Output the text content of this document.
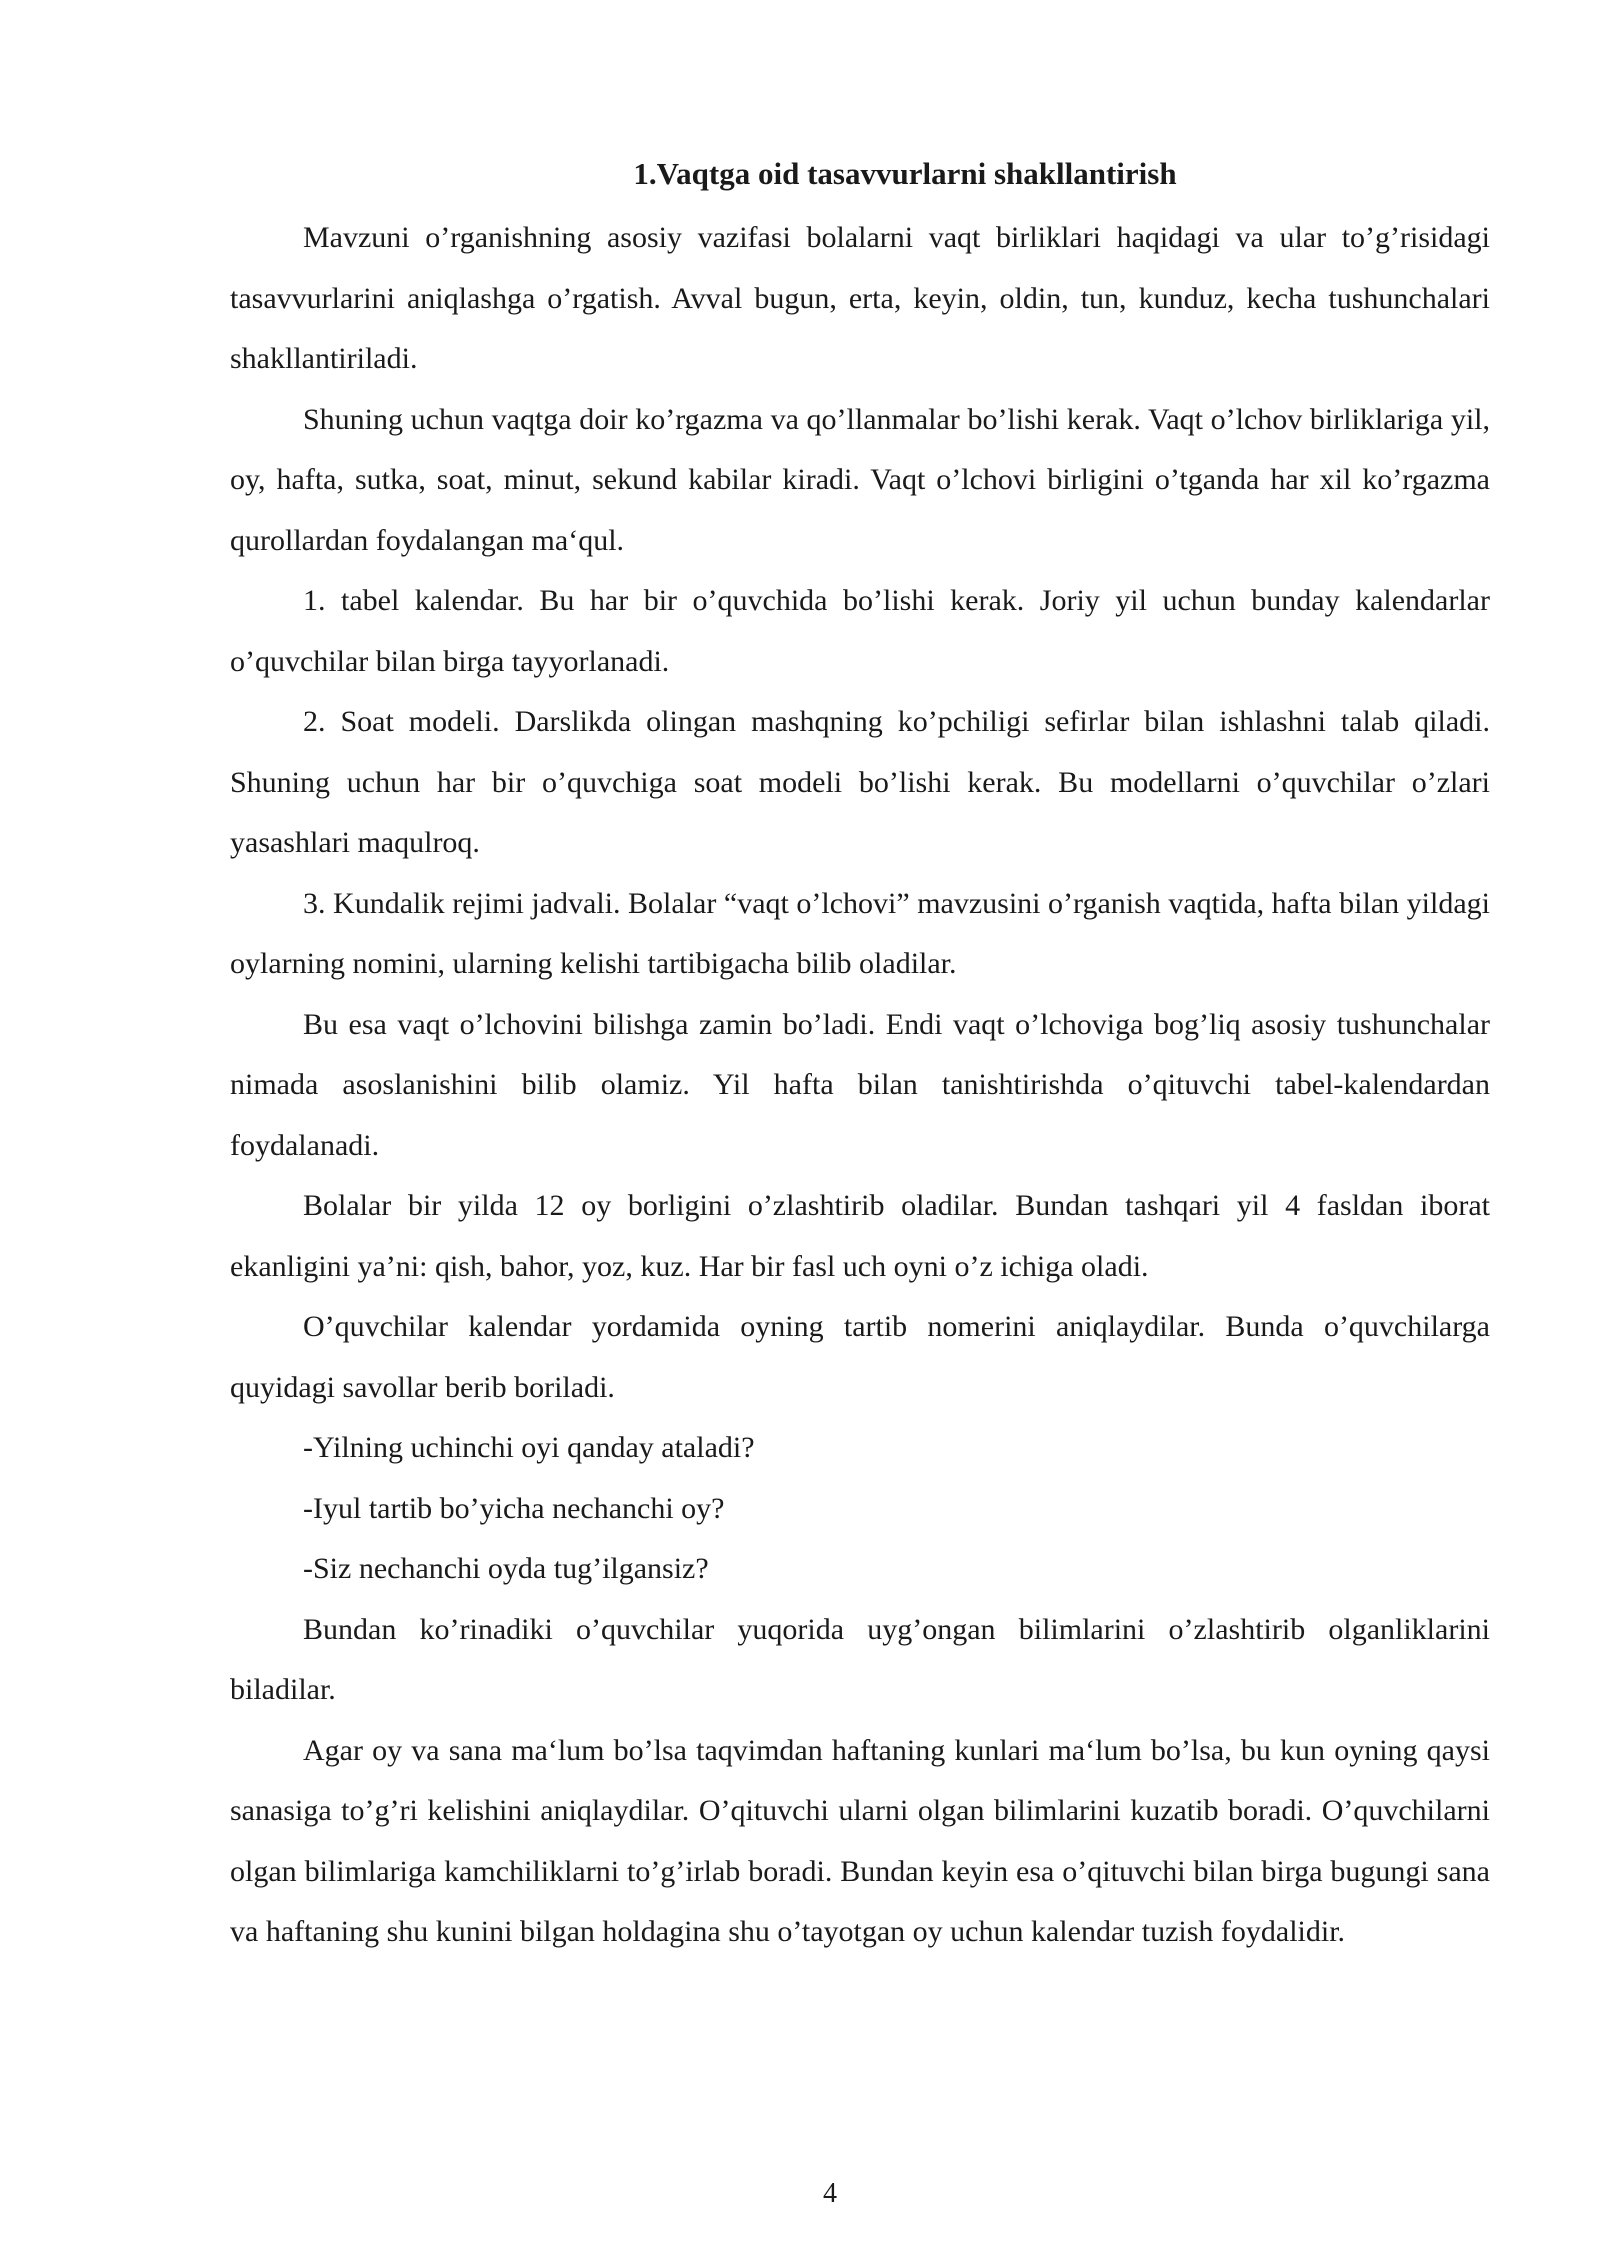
1.Vaqtga oid tasavvurlarni shakllantirish

Mavzuni o’rganishning asosiy vazifasi bolalarni vaqt birliklari haqidagi va ular to’g’risidagi tasavvurlarini aniqlashga o’rgatish. Avval bugun, erta, keyin, oldin, tun, kunduz, kecha tushunchalari shakllantiriladi.

Shuning uchun vaqtga doir ko’rgazma va qo’llanmalar bo’lishi kerak. Vaqt o’lchov birliklariga yil, oy, hafta, sutka, soat, minut, sekund kabilar kiradi. Vaqt o’lchovi birligini o’tganda har xil ko’rgazma qurollardan foydalangan ma‘qul.

1. tabel kalendar. Bu har bir o’quvchida bo’lishi kerak. Joriy yil uchun bunday kalendarlar o’quvchilar bilan birga tayyorlanadi.

2. Soat modeli. Darslikda olingan mashqning ko’pchiligi sefirlar bilan ishlashni talab qiladi. Shuning uchun har bir o’quvchiga soat modeli bo’lishi kerak. Bu modellarni o’quvchilar o’zlari yasashlari maqulroq.

3. Kundalik rejimi jadvali. Bolalar “vaqt o’lchovi” mavzusini o’rganish vaqtida, hafta bilan yildagi oylarning nomini, ularning kelishi tartibigacha bilib oladilar.

Bu esa vaqt o’lchovini bilishga zamin bo’ladi. Endi vaqt o’lchoviga bog’liq asosiy tushunchalar nimada asoslanishini bilib olamiz. Yil hafta bilan tanishtirishda o’qituvchi tabel-kalendardan foydalanadi.

Bolalar bir yilda 12 oy borligini o’zlashtirib oladilar. Bundan tashqari yil 4 fasldan iborat ekanligini ya’ni: qish, bahor, yoz, kuz. Har bir fasl uch oyni o’z ichiga oladi.

O’quvchilar kalendar yordamida oyning tartib nomerini aniqlaydilar. Bunda o’quvchilarga quyidagi savollar berib boriladi.

-Yilning uchinchi oyi qanday ataladi?

-Iyul tartib bo’yicha nechanchi oy?

-Siz nechanchi oyda tug’ilgansiz?

Bundan ko’rinadiki o’quvchilar yuqorida uyg’ongan bilimlarini o’zlashtirib olganliklarini biladilar.

Agar oy va sana ma‘lum bo’lsa taqvimdan haftaning kunlari ma‘lum bo’lsa, bu kun oyning qaysi sanasiga to’g’ri kelishini aniqlaydilar. O’qituvchi ularni olgan bilimlarini kuzatib boradi. O’quvchilarni olgan bilimlariga kamchiliklarni to’g’irlab boradi. Bundan keyin esa o’qituvchi bilan birga bugungi sana va haftaning shu kunini bilgan holdagina shu o’tayotgan oy uchun kalendar tuzish foydalidir.

4
